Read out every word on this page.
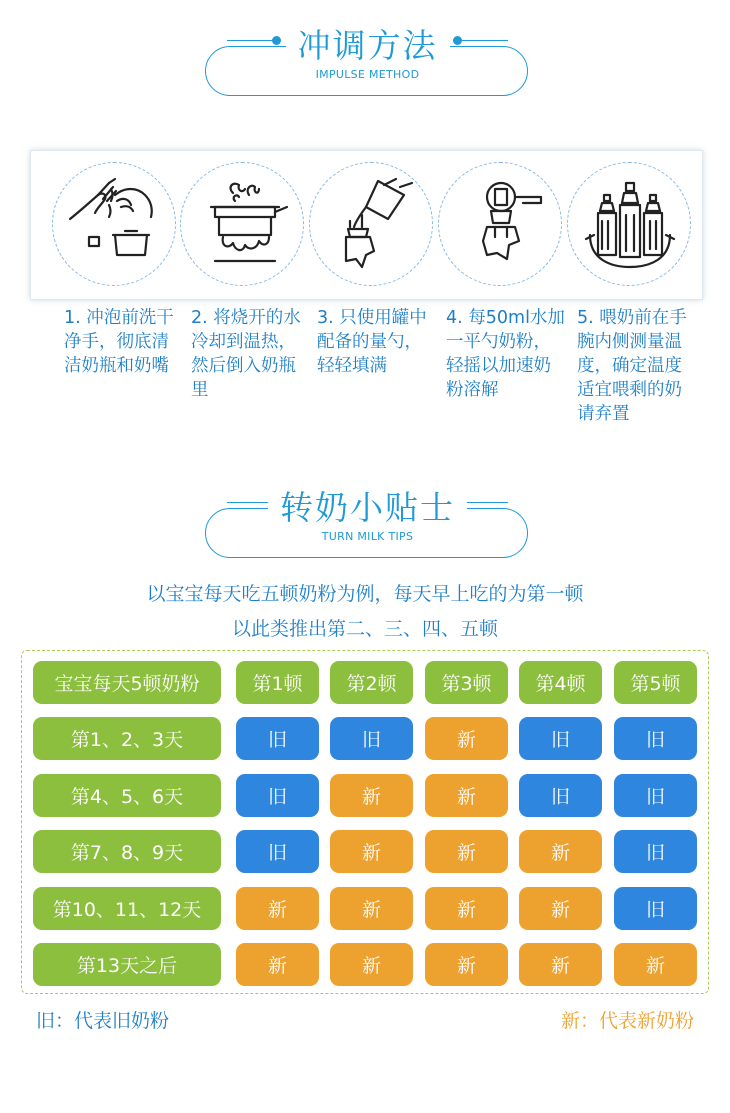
冲调方法
IMPULSE METHOD
1. 冲泡前洗干净手，彻底清洁奶瓶和奶嘴
2. 将烧开的水冷却到温热，然后倒入奶瓶里
3. 只使用罐中配备的量勺，轻轻填满
4. 每50ml水加一平勺奶粉，轻摇以加速奶粉溶解
5. 喂奶前在手腕内侧测量温度，确定温度适宜喂剩的奶请弃置
转奶小贴士
TURN MILK TIPS
以宝宝每天吃五顿奶粉为例，每天早上吃的为第一顿
以此类推出第二、三、四、五顿
宝宝每天5顿奶粉	第1顿	第2顿	第3顿	第4顿	第5顿
第1、2、3天	旧	旧	新	旧	旧
第4、5、6天	旧	新	新	旧	旧
第7、8、9天	旧	新	新	新	旧
第10、11、12天	新	新	新	新	旧
第13天之后	新	新	新	新	新
旧：代表旧奶粉	新：代表新奶粉
